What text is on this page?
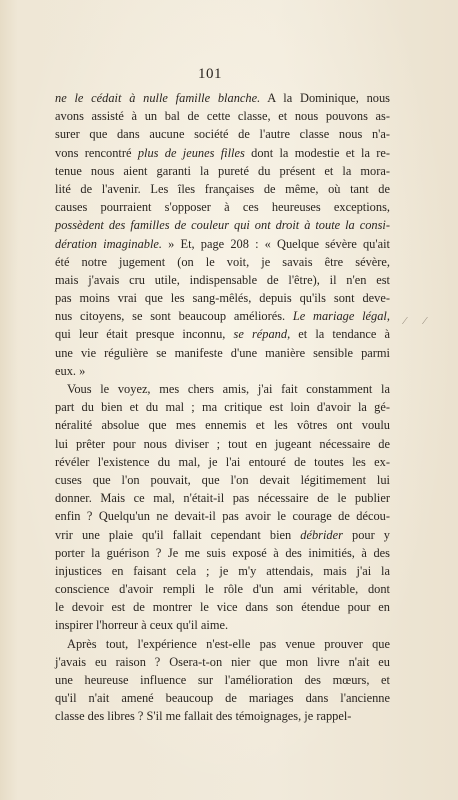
101
ne le cédait à nulle famille blanche. A la Dominique, nous
avons assisté à un bal de cette classe, et nous pouvons as-
surer que dans aucune société de l'autre classe nous n'a-
vons rencontré plus de jeunes filles dont la modestie et la re-
tenue nous aient garanti la pureté du présent et la mora-
lité de l'avenir. Les îles françaises de même, où tant de
causes pourraient s'opposer à ces heureuses exceptions,
possèdent des familles de couleur qui ont droit à toute la consi-
dération imaginable. » Et, page 208 : « Quelque sévère qu'ait
été notre jugement (on le voit, je savais être sévère,
mais j'avais cru utile, indispensable de l'être), il n'en est
pas moins vrai que les sang-mêlés, depuis qu'ils sont deve-
nus citoyens, se sont beaucoup améliorés. Le mariage légal,
qui leur était presque inconnu, se répand, et la tendance à
une vie régulière se manifeste d'une manière sensible parmi
eux. »
Vous le voyez, mes chers amis, j'ai fait constamment la
part du bien et du mal ; ma critique est loin d'avoir la gé-
néralité absolue que mes ennemis et les vôtres ont voulu
lui prêter pour nous diviser ; tout en jugeant nécessaire de
révéler l'existence du mal, je l'ai entouré de toutes les ex-
cuses que l'on pouvait, que l'on devait légitimement lui
donner. Mais ce mal, n'était-il pas nécessaire de le publier
enfin ? Quelqu'un ne devait-il pas avoir le courage de décou-
vrir une plaie qu'il fallait cependant bien débrider pour y
porter la guérison ? Je me suis exposé à des inimitiés, à des
injustices en faisant cela ; je m'y attendais, mais j'ai la
conscience d'avoir rempli le rôle d'un ami véritable, dont
le devoir est de montrer le vice dans son étendue pour en
inspirer l'horreur à ceux qu'il aime.
Après tout, l'expérience n'est-elle pas venue prouver que
j'avais eu raison ? Osera-t-on nier que mon livre n'ait eu
une heureuse influence sur l'amélioration des mœurs, et
qu'il n'ait amené beaucoup de mariages dans l'ancienne
classe des libres ? S'il me fallait des témoignages, je rappel-
⁄ ⁄
